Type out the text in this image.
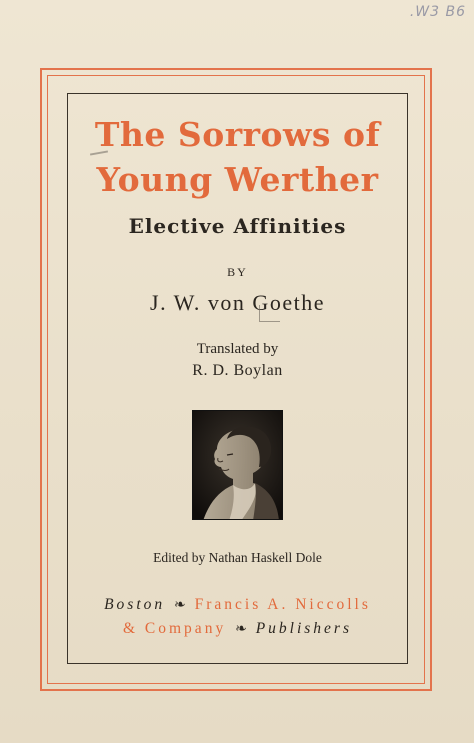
.W3 B6
The Sorrows of
Young Werther
Elective Affinities
BY
J. W. von Goethe
Translated by
R. D. Boylan
Edited by Nathan Haskell Dole
Boston ❧ Francis A. Niccolls
& Company ❧ Publishers
